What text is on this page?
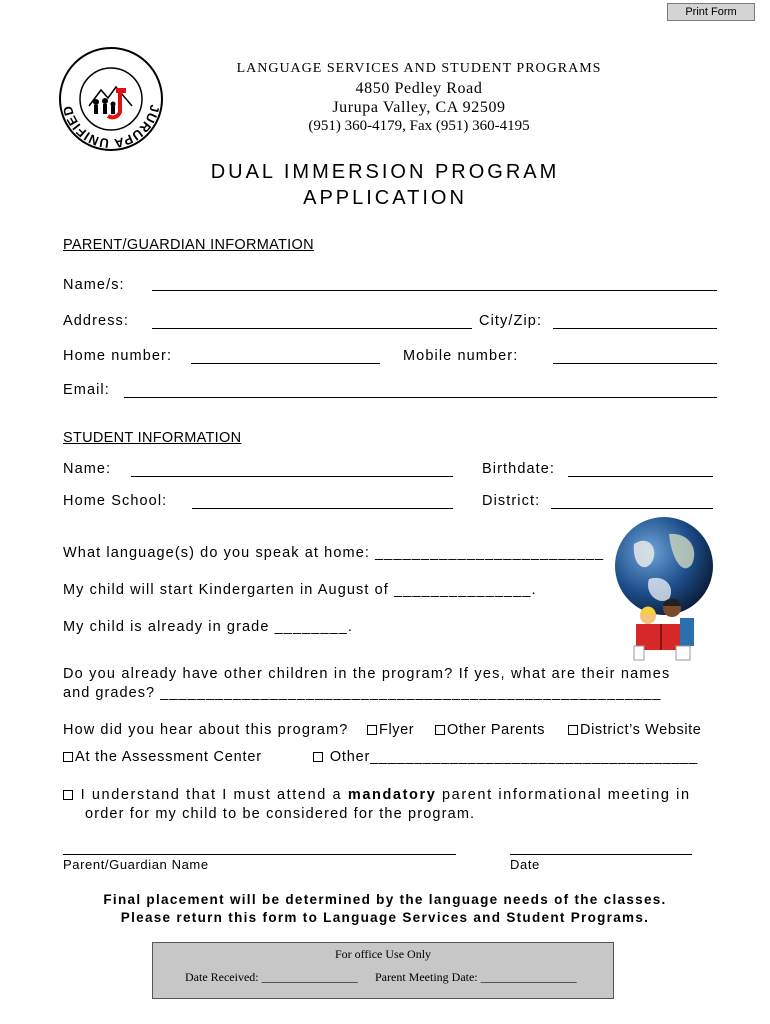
Print Form
JURUPA UNIFIED
LANGUAGE SERVICES AND STUDENT PROGRAMS
4850 Pedley Road
Jurupa Valley, CA 92509
(951) 360-4179, Fax (951) 360-4195
DUAL IMMERSION PROGRAM
APPLICATION
PARENT/GUARDIAN INFORMATION
Name/s:
Address:	City/Zip:
Home number:	Mobile number:
Email:
STUDENT INFORMATION
Name:	Birthdate:
Home School:	District:
What language(s) do you speak at home: _________________________
My child will start Kindergarten in August of _______________.
My child is already in grade ________.
Do you already have other children in the program? If yes, what are their names
and grades? _______________________________________________________
How did you hear about this program?	Flyer	Other Parents	District’s Website
At the Assessment Center	Other_____________________________________
I understand that I must attend a mandatory parent informational meeting in
order for my child to be considered for the program.
Parent/Guardian Name	Date
Final placement will be determined by the language needs of the classes.
Please return this form to Language Services and Student Programs.
For office Use Only
Date Received: ________________ Parent Meeting Date: ________________
